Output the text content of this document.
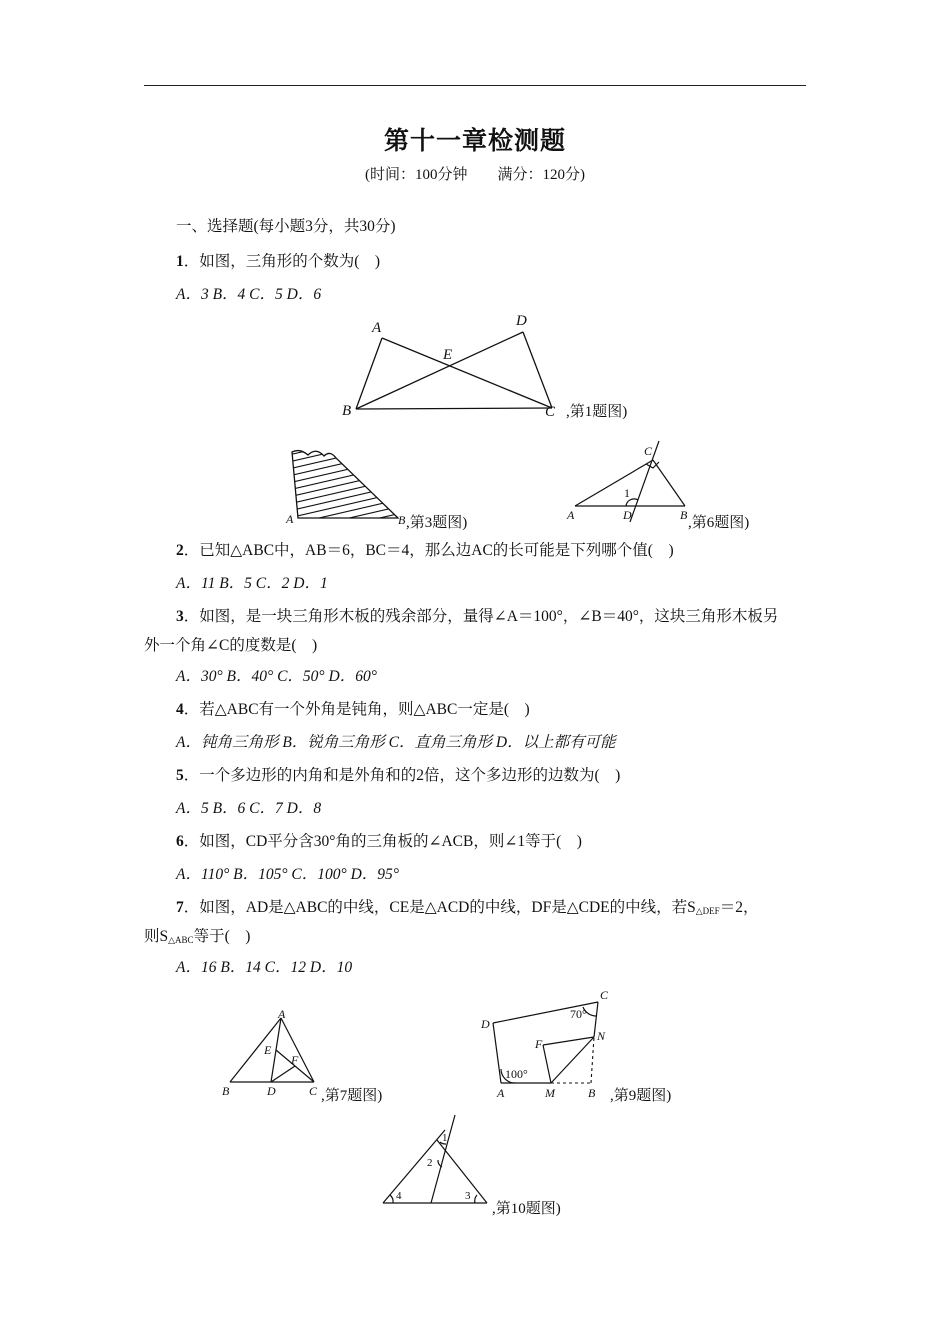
第十一章检测题
(时间：100分钟 满分：120分)
一、选择题(每小题3分，共30分)
1．如图，三角形的个数为(　)
A．3 B．4 C．5 D．6
A
B	C
D
E
,第1题图)
A	B ,第3题图)	A	B
C
D
1
,第6题图)
2．已知△ABC中，AB＝6，BC＝4，那么边AC的长可能是下列哪个值(　)
A．11 B．5 C．2 D．1
3．如图，是一块三角形木板的残余部分，量得∠A＝100°，∠B＝40°，这块三角形木板另
外一个角∠C的度数是(　)
A．30° B．40° C．50° D．60°
4．若△ABC有一个外角是钝角，则△ABC一定是(　)
A．钝角三角形 B．锐角三角形 C．直角三角形 D．以上都有可能
5．一个多边形的内角和是外角和的2倍，这个多边形的边数为(　)
A．5 B．6 C．7 D．8
6．如图，CD平分含30°角的三角板的∠ACB，则∠1等于(　)
A．110° B．105° C．100° D．95°
7．如图，AD是△ABC的中线，CE是△ACD的中线，DF是△CDE的中线，若$S_{\triangle DEF}=2$，
则$S_{\triangle ABC}$等于(　)
A．16 B．14 C．12 D．10
A
B	C
D
E
F
,第7题图)	A	B
C
D
F
M
N
70°
100°
,第9题图)
1
2
3
4
,第10题图)
